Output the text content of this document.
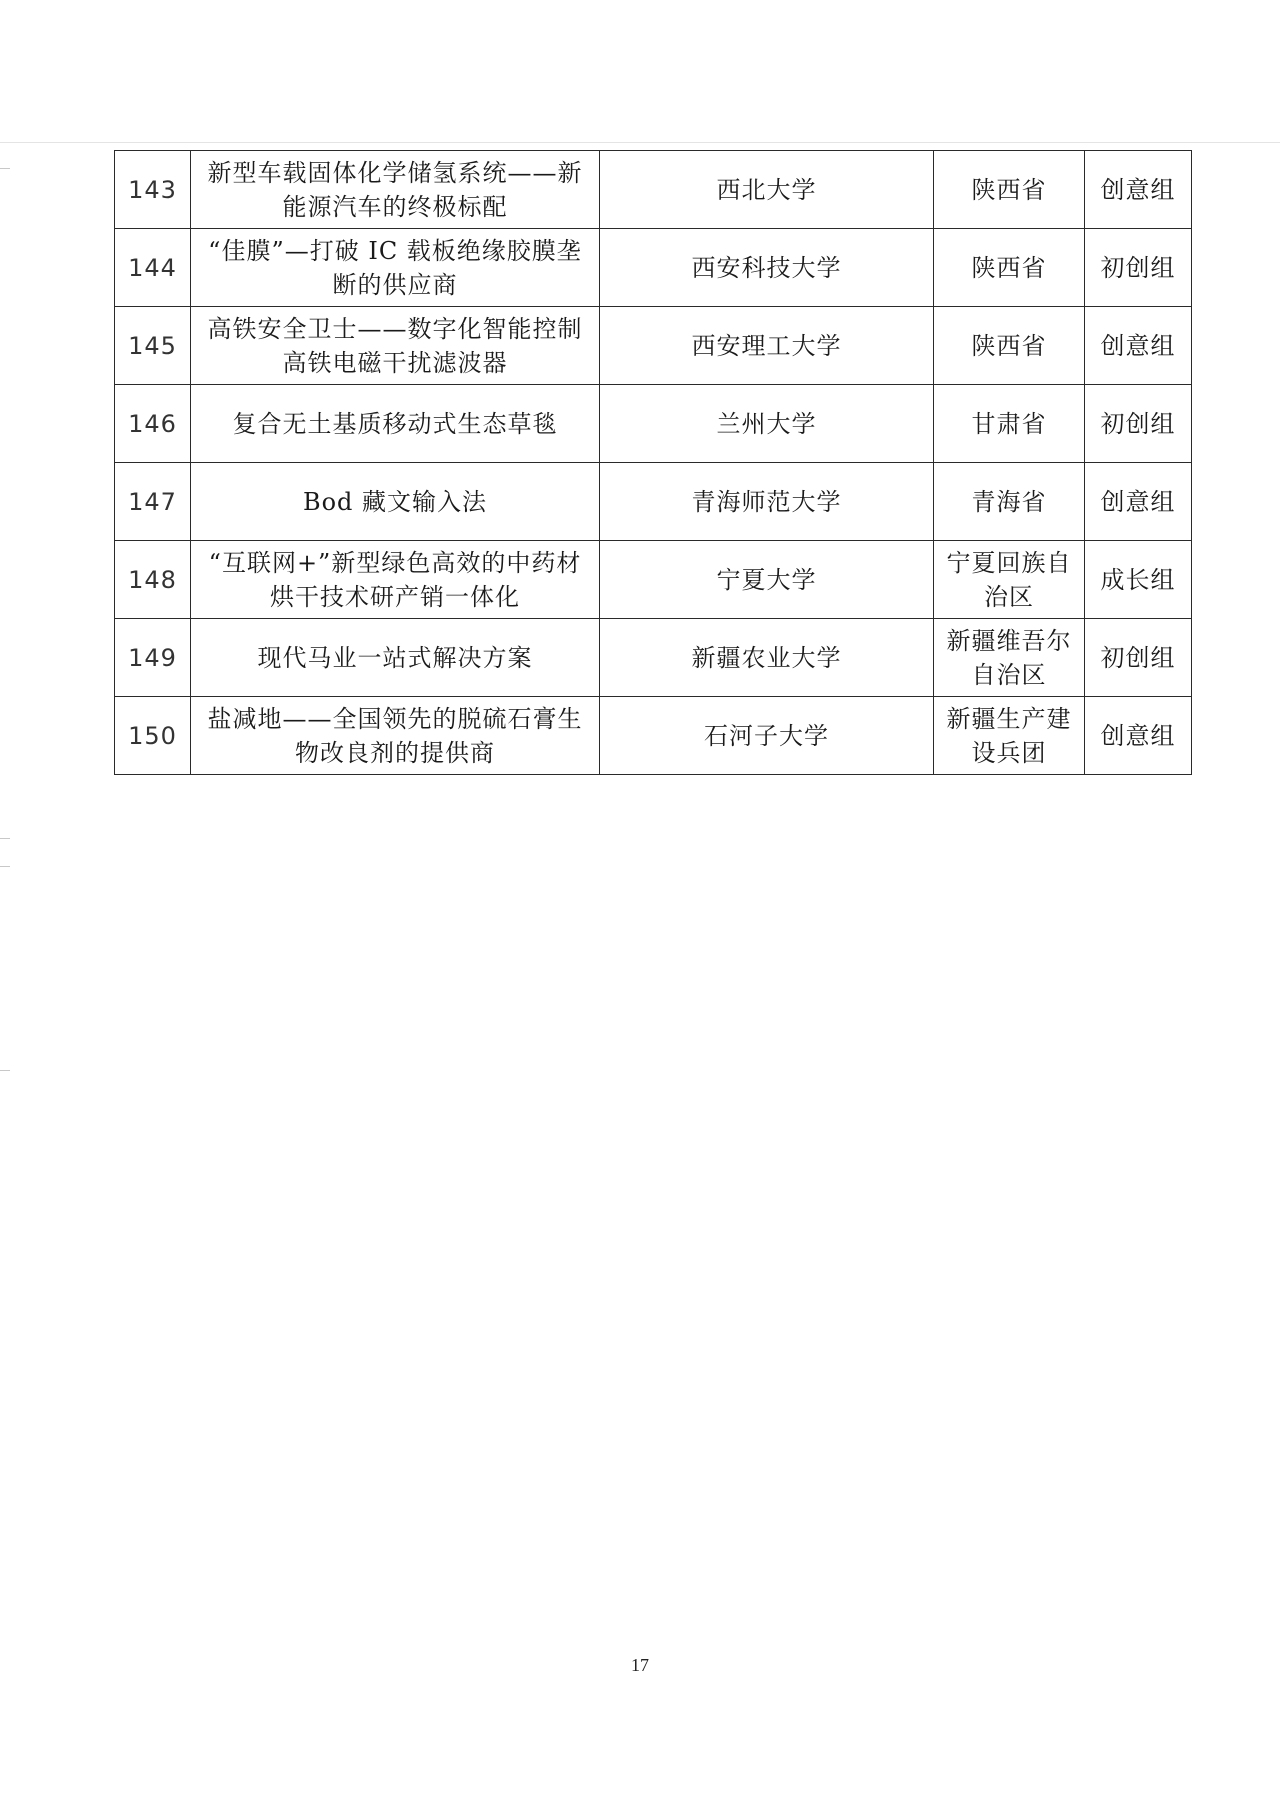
143	新型车载固体化学储氢系统——新能源汽车的终极标配	西北大学	陕西省	创意组
144	“佳膜”—打破 IC 载板绝缘胶膜垄断的供应商	西安科技大学	陕西省	初创组
145	高铁安全卫士——数字化智能控制高铁电磁干扰滤波器	西安理工大学	陕西省	创意组
146	复合无土基质移动式生态草毯	兰州大学	甘肃省	初创组
147	Bod 藏文输入法	青海师范大学	青海省	创意组
148	“互联网+”新型绿色高效的中药材烘干技术研产销一体化	宁夏大学	宁夏回族自治区	成长组
149	现代马业一站式解决方案	新疆农业大学	新疆维吾尔自治区	初创组
150	盐减地——全国领先的脱硫石膏生物改良剂的提供商	石河子大学	新疆生产建设兵团	创意组
17
